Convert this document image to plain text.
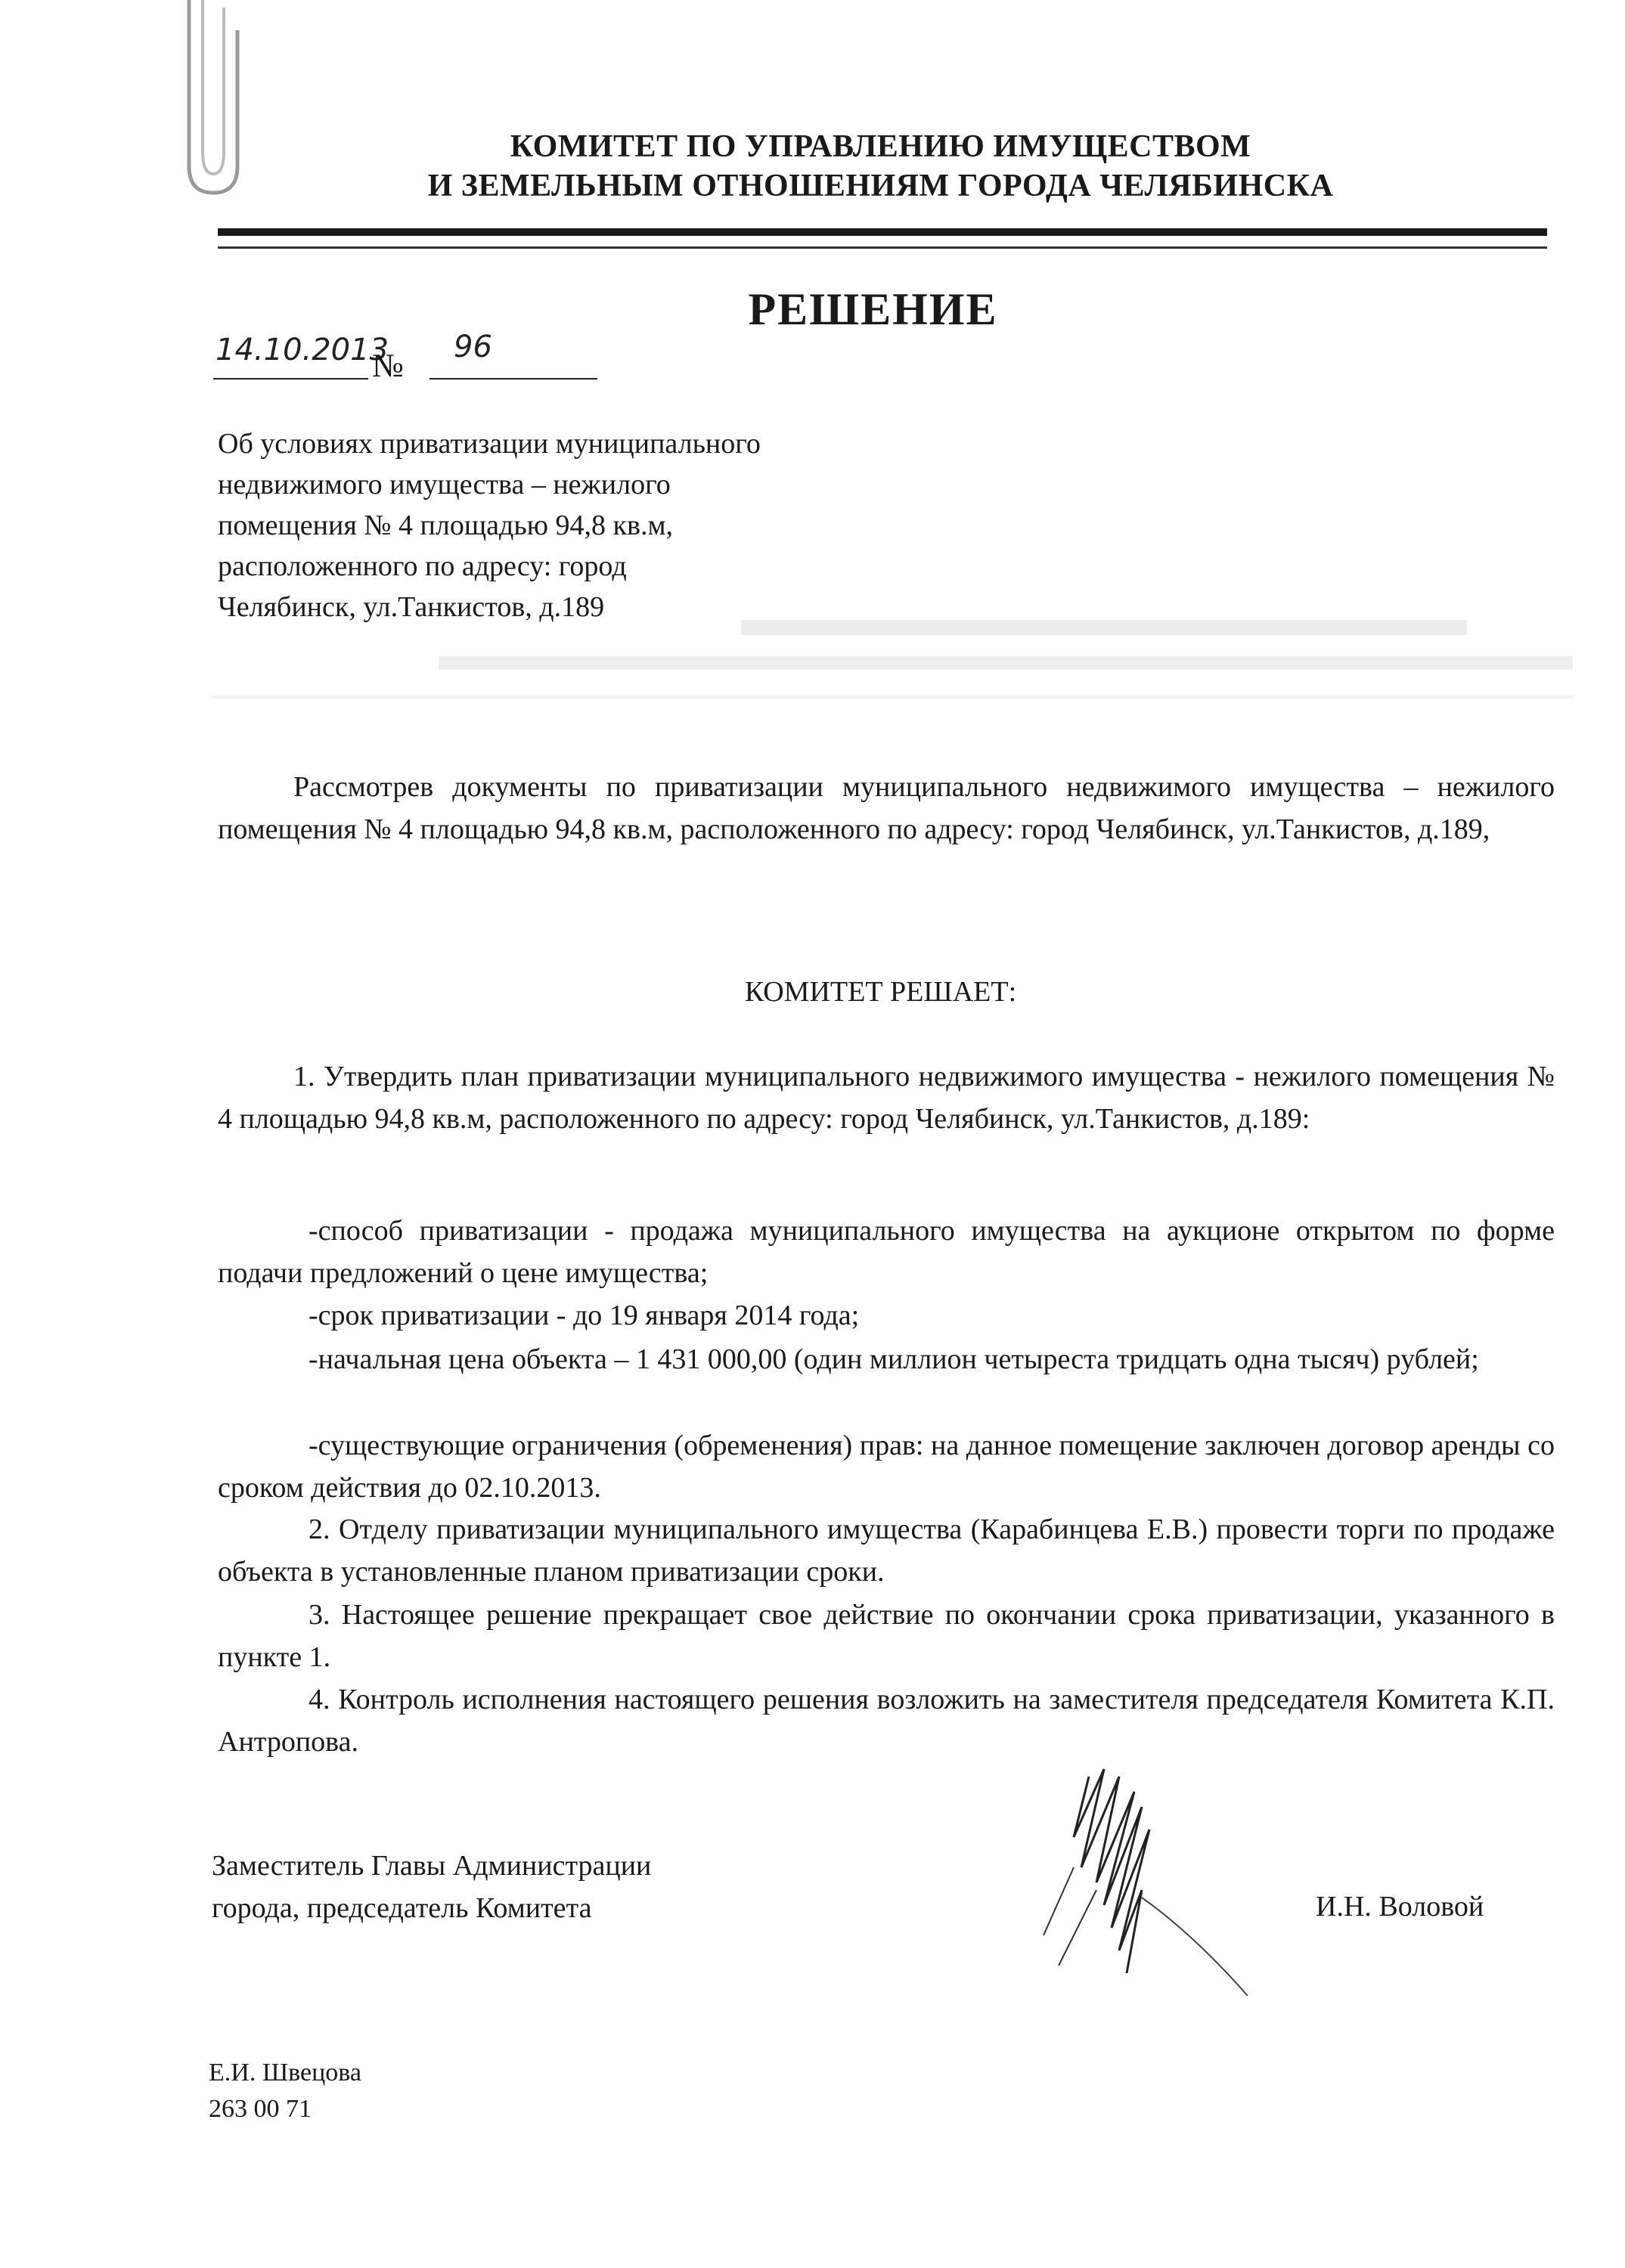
КОМИТЕТ ПО УПРАВЛЕНИЮ ИМУЩЕСТВОМ
И ЗЕМЕЛЬНЫМ ОТНОШЕНИЯМ ГОРОДА ЧЕЛЯБИНСКА
РЕШЕНИЕ
14.10.2013
№ 96
Об условиях приватизации муниципального
недвижимого имущества – нежилого
помещения № 4 площадью 94,8 кв.м,
расположенного по адресу: город
Челябинск, ул.Танкистов, д.189
Рассмотрев документы по приватизации муниципального недвижимого имущества – нежилого помещения № 4 площадью 94,8 кв.м, расположенного по адресу: город Челябинск, ул.Танкистов, д.189,
КОМИТЕТ РЕШАЕТ:
1. Утвердить план приватизации муниципального недвижимого имущества - нежилого помещения № 4 площадью 94,8 кв.м, расположенного по адресу: город Челябинск, ул.Танкистов, д.189:
-способ приватизации - продажа муниципального имущества на аукционе открытом по форме подачи предложений о цене имущества;
-срок приватизации - до 19 января 2014 года;
-начальная цена объекта – 1 431 000,00 (один миллион четыреста тридцать одна тысяч) рублей;
-существующие ограничения (обременения) прав: на данное помещение заключен договор аренды со сроком действия до 02.10.2013.
2. Отделу приватизации муниципального имущества (Карабинцева Е.В.) провести торги по продаже объекта в установленные планом приватизации сроки.
3. Настоящее решение прекращает свое действие по окончании срока приватизации, указанного в пункте 1.
4. Контроль исполнения настоящего решения возложить на заместителя председателя Комитета К.П. Антропова.
Заместитель Главы Администрации
города, председатель Комитета	И.Н. Воловой
Е.И. Швецова
263 00 71
